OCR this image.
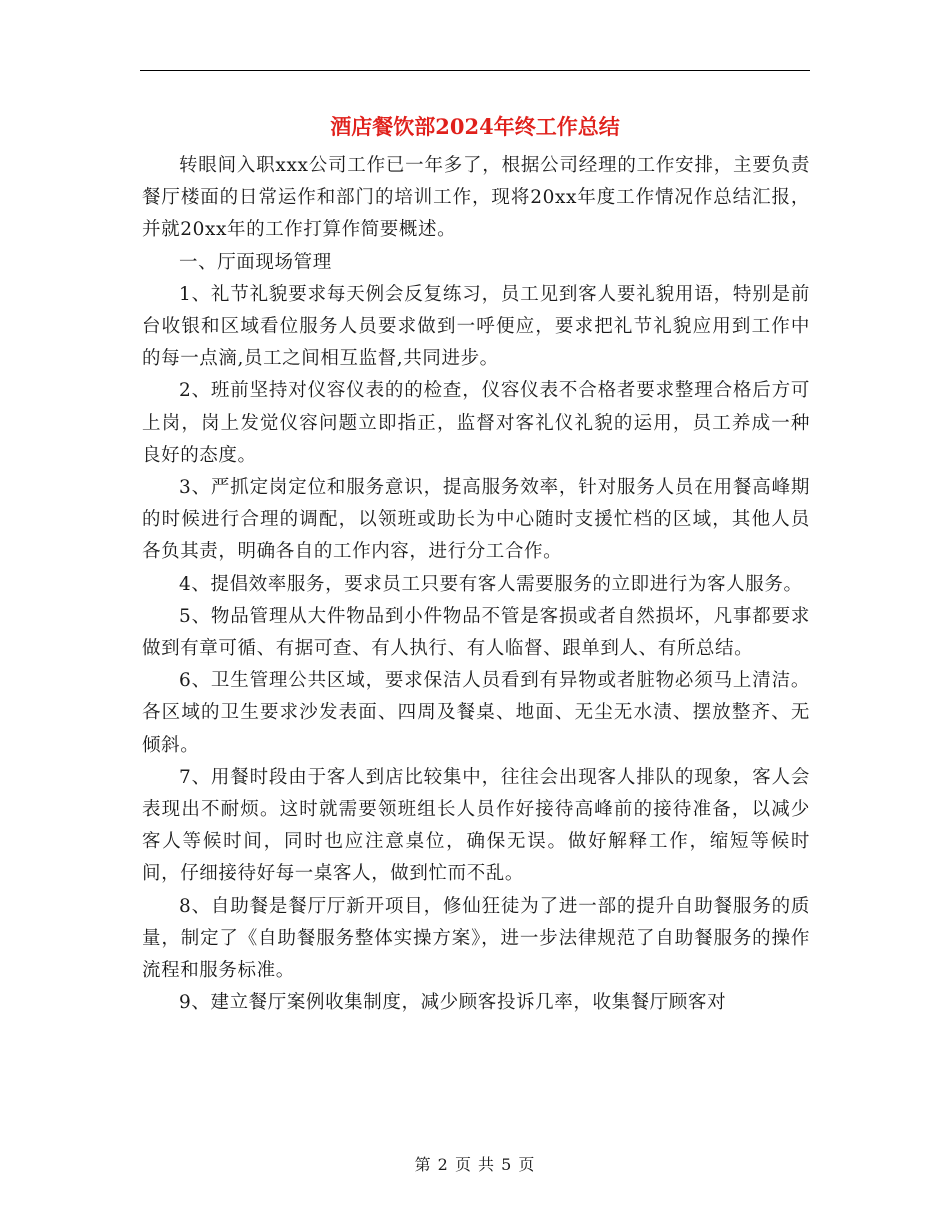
酒店餐饮部2024年终工作总结

转眼间入职xxx公司工作已一年多了，根据公司经理的工作安排，主要负责餐厅楼面的日常运作和部门的培训工作，现将20xx年度工作情况作总结汇报，并就20xx年的工作打算作简要概述。

一、厅面现场管理

1、礼节礼貌要求每天例会反复练习，员工见到客人要礼貌用语，特别是前台收银和区域看位服务人员要求做到一呼便应，要求把礼节礼貌应用到工作中的每一点滴,员工之间相互监督,共同进步。

2、班前坚持对仪容仪表的的检查，仪容仪表不合格者要求整理合格后方可上岗，岗上发觉仪容问题立即指正，监督对客礼仪礼貌的运用，员工养成一种良好的态度。

3、严抓定岗定位和服务意识，提高服务效率，针对服务人员在用餐高峰期的时候进行合理的调配，以领班或助长为中心随时支援忙档的区域，其他人员各负其责，明确各自的工作内容，进行分工合作。

4、提倡效率服务，要求员工只要有客人需要服务的立即进行为客人服务。

5、物品管理从大件物品到小件物品不管是客损或者自然损坏，凡事都要求做到有章可循、有据可查、有人执行、有人临督、跟单到人、有所总结。

6、卫生管理公共区域，要求保洁人员看到有异物或者脏物必须马上清洁。各区域的卫生要求沙发表面、四周及餐桌、地面、无尘无水渍、摆放整齐、无倾斜。

7、用餐时段由于客人到店比较集中，往往会出现客人排队的现象，客人会表现出不耐烦。这时就需要领班组长人员作好接待高峰前的接待准备，以减少客人等候时间，同时也应注意桌位，确保无误。做好解释工作，缩短等候时间，仔细接待好每一桌客人，做到忙而不乱。

8、自助餐是餐厅厅新开项目，修仙狂徒为了进一部的提升自助餐服务的质量，制定了《自助餐服务整体实操方案》，进一步法律规范了自助餐服务的操作流程和服务标准。

9、建立餐厅案例收集制度，减少顾客投诉几率，收集餐厅顾客对

第 2 页 共 5 页
